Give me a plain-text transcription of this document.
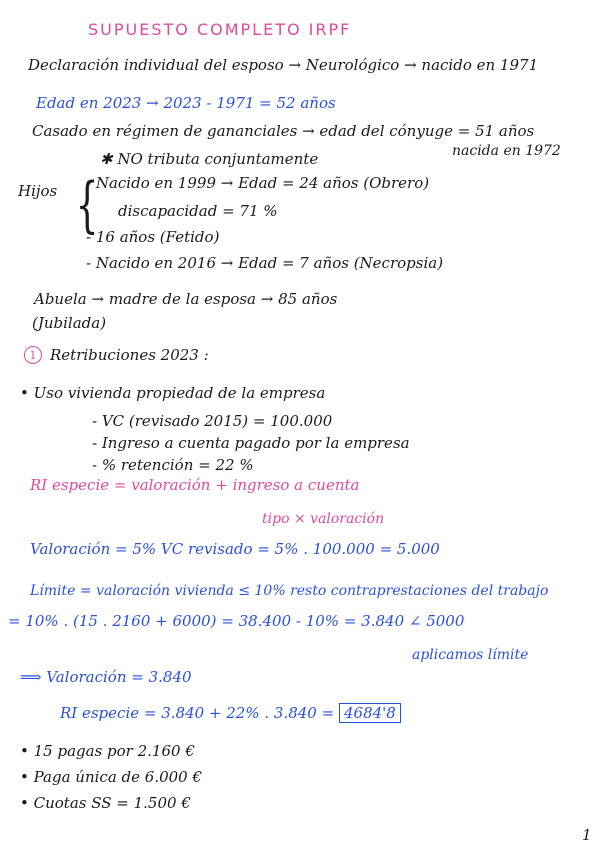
SUPUESTO COMPLETO IRPF
Declaración individual del esposo → Neurológico → nacido en 1971
Edad en 2023 → 2023 - 1971 = 52 años
Casado en régimen de gananciales → edad del cónyuge = 51 años
nacida en 1972
✱ NO tributa conjuntamente
Hijos {
- Nacido en 1999 → Edad = 24 años (Obrero)
discapacidad = 71 %
- 16 años (Fetido)
- Nacido en 2016 → Edad = 7 años (Necropsia)
Abuela → madre de la esposa → 85 años
(Jubilada)
1 Retribuciones 2023 :
• Uso vivienda propiedad de la empresa
- VC (revisado 2015) = 100.000
- Ingreso a cuenta pagado por la empresa
- % retención = 22 %
RI especie = valoración + ingreso a cuenta
tipo × valoración
Valoración = 5% VC revisado = 5% . 100.000 = 5.000
Límite = valoración vivienda ≤ 10% resto contraprestaciones del trabajo
= 10% . (15 . 2160 + 6000) = 38.400 - 10% = 3.840 ∠ 5000
aplicamos límite
⟹ Valoración = 3.840
RI especie = 3.840 + 22% . 3.840 = 4684'8
• 15 pagas por 2.160 €
• Paga única de 6.000 €
• Cuotas SS = 1.500 €
1
